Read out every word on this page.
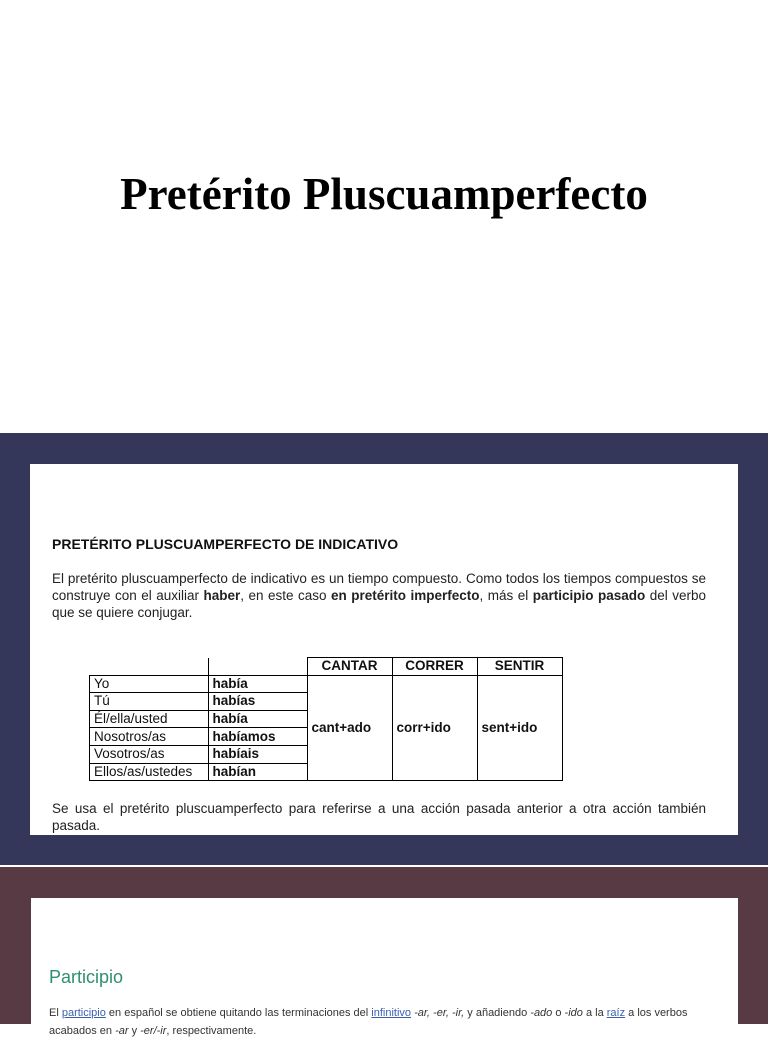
Pretérito Pluscuamperfecto
PRETÉRITO PLUSCUAMPERFECTO DE INDICATIVO

El pretérito pluscuamperfecto de indicativo es un tiempo compuesto. Como todos los tiempos compuestos se construye con el auxiliar haber, en este caso en pretérito imperfecto, más el participio pasado del verbo que se quiere conjugar.

		CANTAR	CORRER	SENTIR
Yo	había	cant+ado	corr+ido	sent+ido
Tú	habías			
Él/ella/usted	había			
Nosotros/as	habíamos			
Vosotros/as	habíais			
Ellos/as/ustedes	habían			

Se usa el pretérito pluscuamperfecto para referirse a una acción pasada anterior a otra acción también pasada.

Participio

El participio en español se obtiene quitando las terminaciones del infinitivo -ar, -er, -ir, y añadiendo -ado o -ido a la raíz a los verbos acabados en -ar y -er/-ir, respectivamente.
